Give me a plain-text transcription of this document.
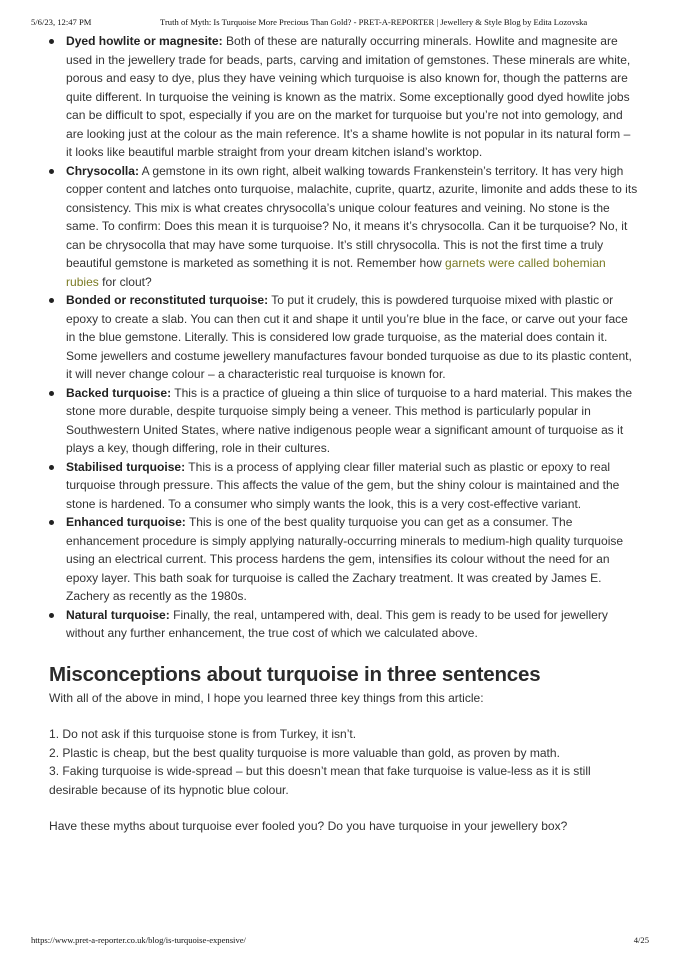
5/6/23, 12:47 PM	Truth of Myth: Is Turquoise More Precious Than Gold? - PRET-A-REPORTER | Jewellery & Style Blog by Edita Lozovska
Dyed howlite or magnesite: Both of these are naturally occurring minerals. Howlite and magnesite are used in the jewellery trade for beads, parts, carving and imitation of gemstones. These minerals are white, porous and easy to dye, plus they have veining which turquoise is also known for, though the patterns are quite different. In turquoise the veining is known as the matrix. Some exceptionally good dyed howlite jobs can be difficult to spot, especially if you are on the market for turquoise but you’re not into gemology, and are looking just at the colour as the main reference. It’s a shame howlite is not popular in its natural form – it looks like beautiful marble straight from your dream kitchen island’s worktop.
Chrysocolla: A gemstone in its own right, albeit walking towards Frankenstein’s territory. It has very high copper content and latches onto turquoise, malachite, cuprite, quartz, azurite, limonite and adds these to its consistency. This mix is what creates chrysocolla’s unique colour features and veining. No stone is the same. To confirm: Does this mean it is turquoise? No, it means it’s chrysocolla. Can it be turquoise? No, it can be chrysocolla that may have some turquoise. It’s still chrysocolla. This is not the first time a truly beautiful gemstone is marketed as something it is not. Remember how garnets were called bohemian rubies for clout?
Bonded or reconstituted turquoise: To put it crudely, this is powdered turquoise mixed with plastic or epoxy to create a slab. You can then cut it and shape it until you’re blue in the face, or carve out your face in the blue gemstone. Literally. This is considered low grade turquoise, as the material does contain it. Some jewellers and costume jewellery manufactures favour bonded turquoise as due to its plastic content, it will never change colour – a characteristic real turquoise is known for.
Backed turquoise: This is a practice of glueing a thin slice of turquoise to a hard material. This makes the stone more durable, despite turquoise simply being a veneer. This method is particularly popular in Southwestern United States, where native indigenous people wear a significant amount of turquoise as it plays a key, though differing, role in their cultures.
Stabilised turquoise: This is a process of applying clear filler material such as plastic or epoxy to real turquoise through pressure. This affects the value of the gem, but the shiny colour is maintained and the stone is hardened. To a consumer who simply wants the look, this is a very cost-effective variant.
Enhanced turquoise: This is one of the best quality turquoise you can get as a consumer. The enhancement procedure is simply applying naturally-occurring minerals to medium-high quality turquoise using an electrical current. This process hardens the gem, intensifies its colour without the need for an epoxy layer. This bath soak for turquoise is called the Zachary treatment. It was created by James E. Zachery as recently as the 1980s.
Natural turquoise: Finally, the real, untampered with, deal. This gem is ready to be used for jewellery without any further enhancement, the true cost of which we calculated above.
Misconceptions about turquoise in three sentences

With all of the above in mind, I hope you learned three key things from this article:

1. Do not ask if this turquoise stone is from Turkey, it isn’t.

2. Plastic is cheap, but the best quality turquoise is more valuable than gold, as proven by math.

3. Faking turquoise is wide-spread – but this doesn’t mean that fake turquoise is value-less as it is still desirable because of its hypnotic blue colour.

Have these myths about turquoise ever fooled you? Do you have turquoise in your jewellery box?

https://www.pret-a-reporter.co.uk/blog/is-turquoise-expensive/	4/25
